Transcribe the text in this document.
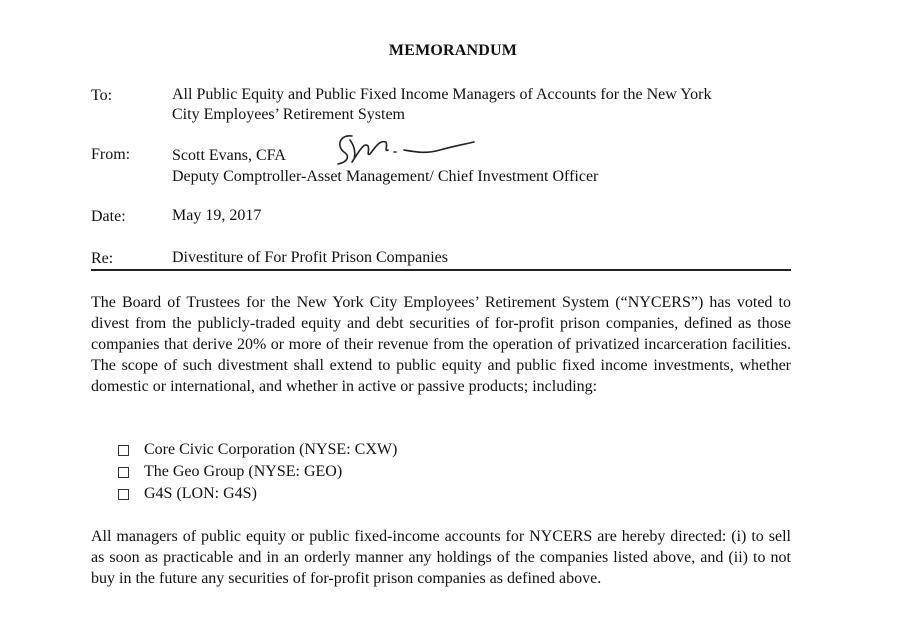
MEMORANDUM
To:	All Public Equity and Public Fixed Income Managers of Accounts for the New York
City Employees’ Retirement System
From:	Scott Evans, CFA
Deputy Comptroller-Asset Management/ Chief Investment Officer
Date:	May 19, 2017
Re:	Divestiture of For Profit Prison Companies
The Board of Trustees for the New York City Employees’ Retirement System (“NYCERS”) has voted to divest from the publicly-traded equity and debt securities of for-profit prison companies, defined as those companies that derive 20% or more of their revenue from the operation of privatized incarceration facilities. The scope of such divestment shall extend to public equity and public fixed income investments, whether domestic or international, and whether in active or passive products; including:
Core Civic Corporation (NYSE: CXW)
The Geo Group (NYSE: GEO)
G4S (LON: G4S)
All managers of public equity or public fixed-income accounts for NYCERS are hereby directed: (i) to sell as soon as practicable and in an orderly manner any holdings of the companies listed above, and (ii) to not buy in the future any securities of for-profit prison companies as defined above.
